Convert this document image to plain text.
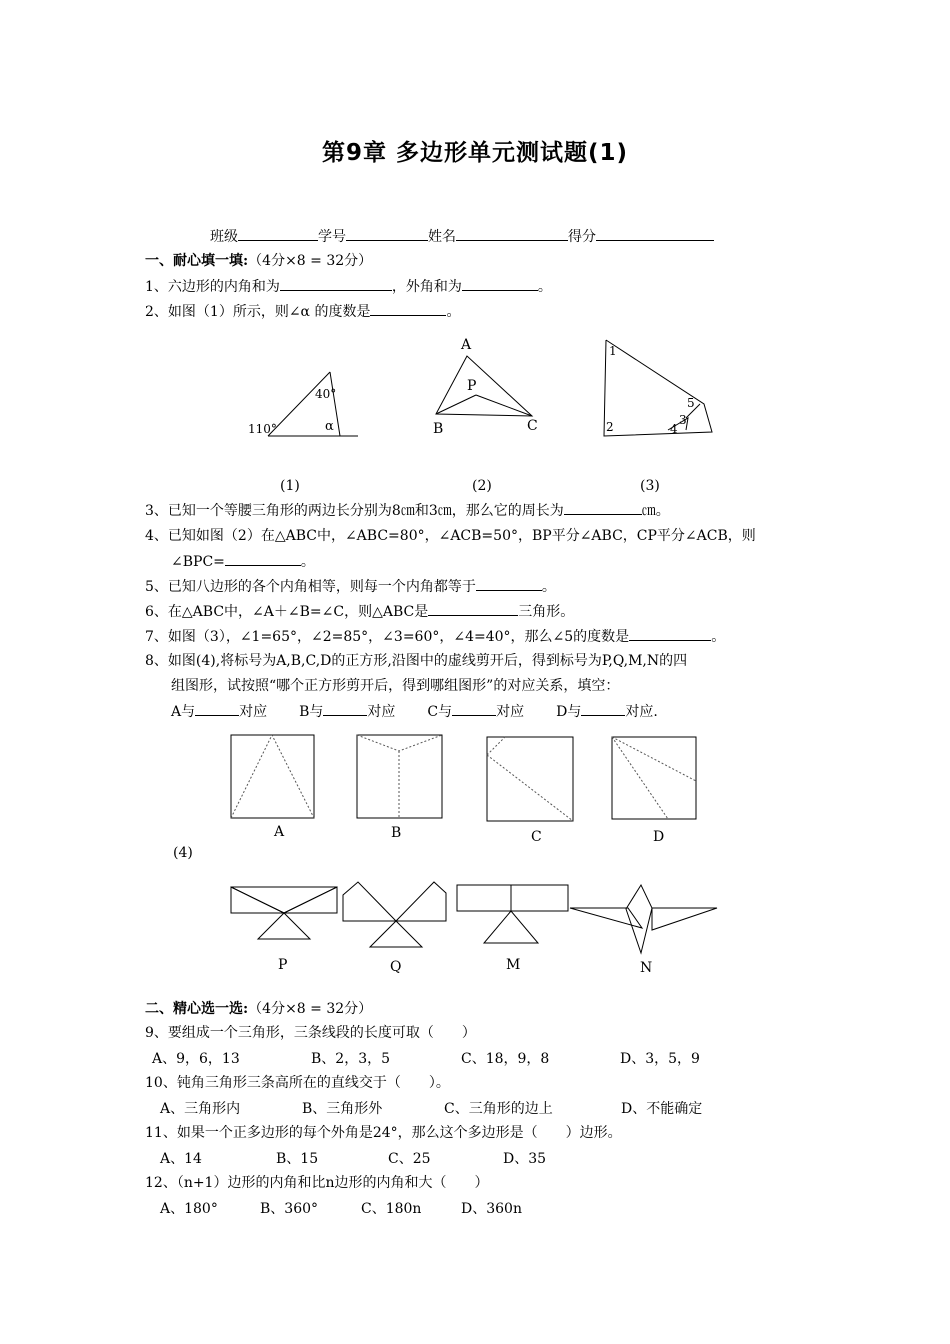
第9章 多边形单元测试题(1)
班级	学号	姓名	得分
一、耐心填一填:（4分×8 = 32分）
1、六边形的内角和为	，外角和为	。
2、如图（1）所示，则∠α 的度数是	。
40°
110°	α
A
P
B	C
1
2	3
4
5
(1)	(2)	(3)
3、已知一个等腰三角形的两边长分别为8㎝和3㎝，那么它的周长为	㎝。
4、已知如图（2）在△ABC中，∠ABC=80°，∠ACB=50°，BP平分∠ABC，CP平分∠ACB，则
∠BPC=	。
5、已知八边形的各个内角相等，则每一个内角都等于	。
6、在△ABC中，∠A＋∠B=∠C，则△ABC是	三角形。
7、如图（3），∠1=65°，∠2=85°，∠3=60°，∠4=40°，那么∠5的度数是	。
8、如图(4),将标号为A,B,C,D的正方形,沿图中的虚线剪开后，得到标号为P,Q,M,N的四
组图形，试按照“哪个正方形剪开后，得到哪组图形”的对应关系，填空：
A与	对应 B与	对应 C与	对应 D与	对应.
A	B	C	D
(4)
P	Q	M	N
二、精心选一选:（4分×8 = 32分）
9、要组成一个三角形，三条线段的长度可取（　　）
A、9，6，13	B、2，3，5	C、18，9，8	D、3，5，9
10、钝角三角形三条高所在的直线交于（　　）。
A、三角形内	B、三角形外	C、三角形的边上	D、不能确定
11、如果一个正多边形的每个外角是24°，那么这个多边形是（　　）边形。
A、14	B、15	C、25	D、35
12、（n+1）边形的内角和比n边形的内角和大（　　）
A、180°	B、360°	C、180n	D、360n
